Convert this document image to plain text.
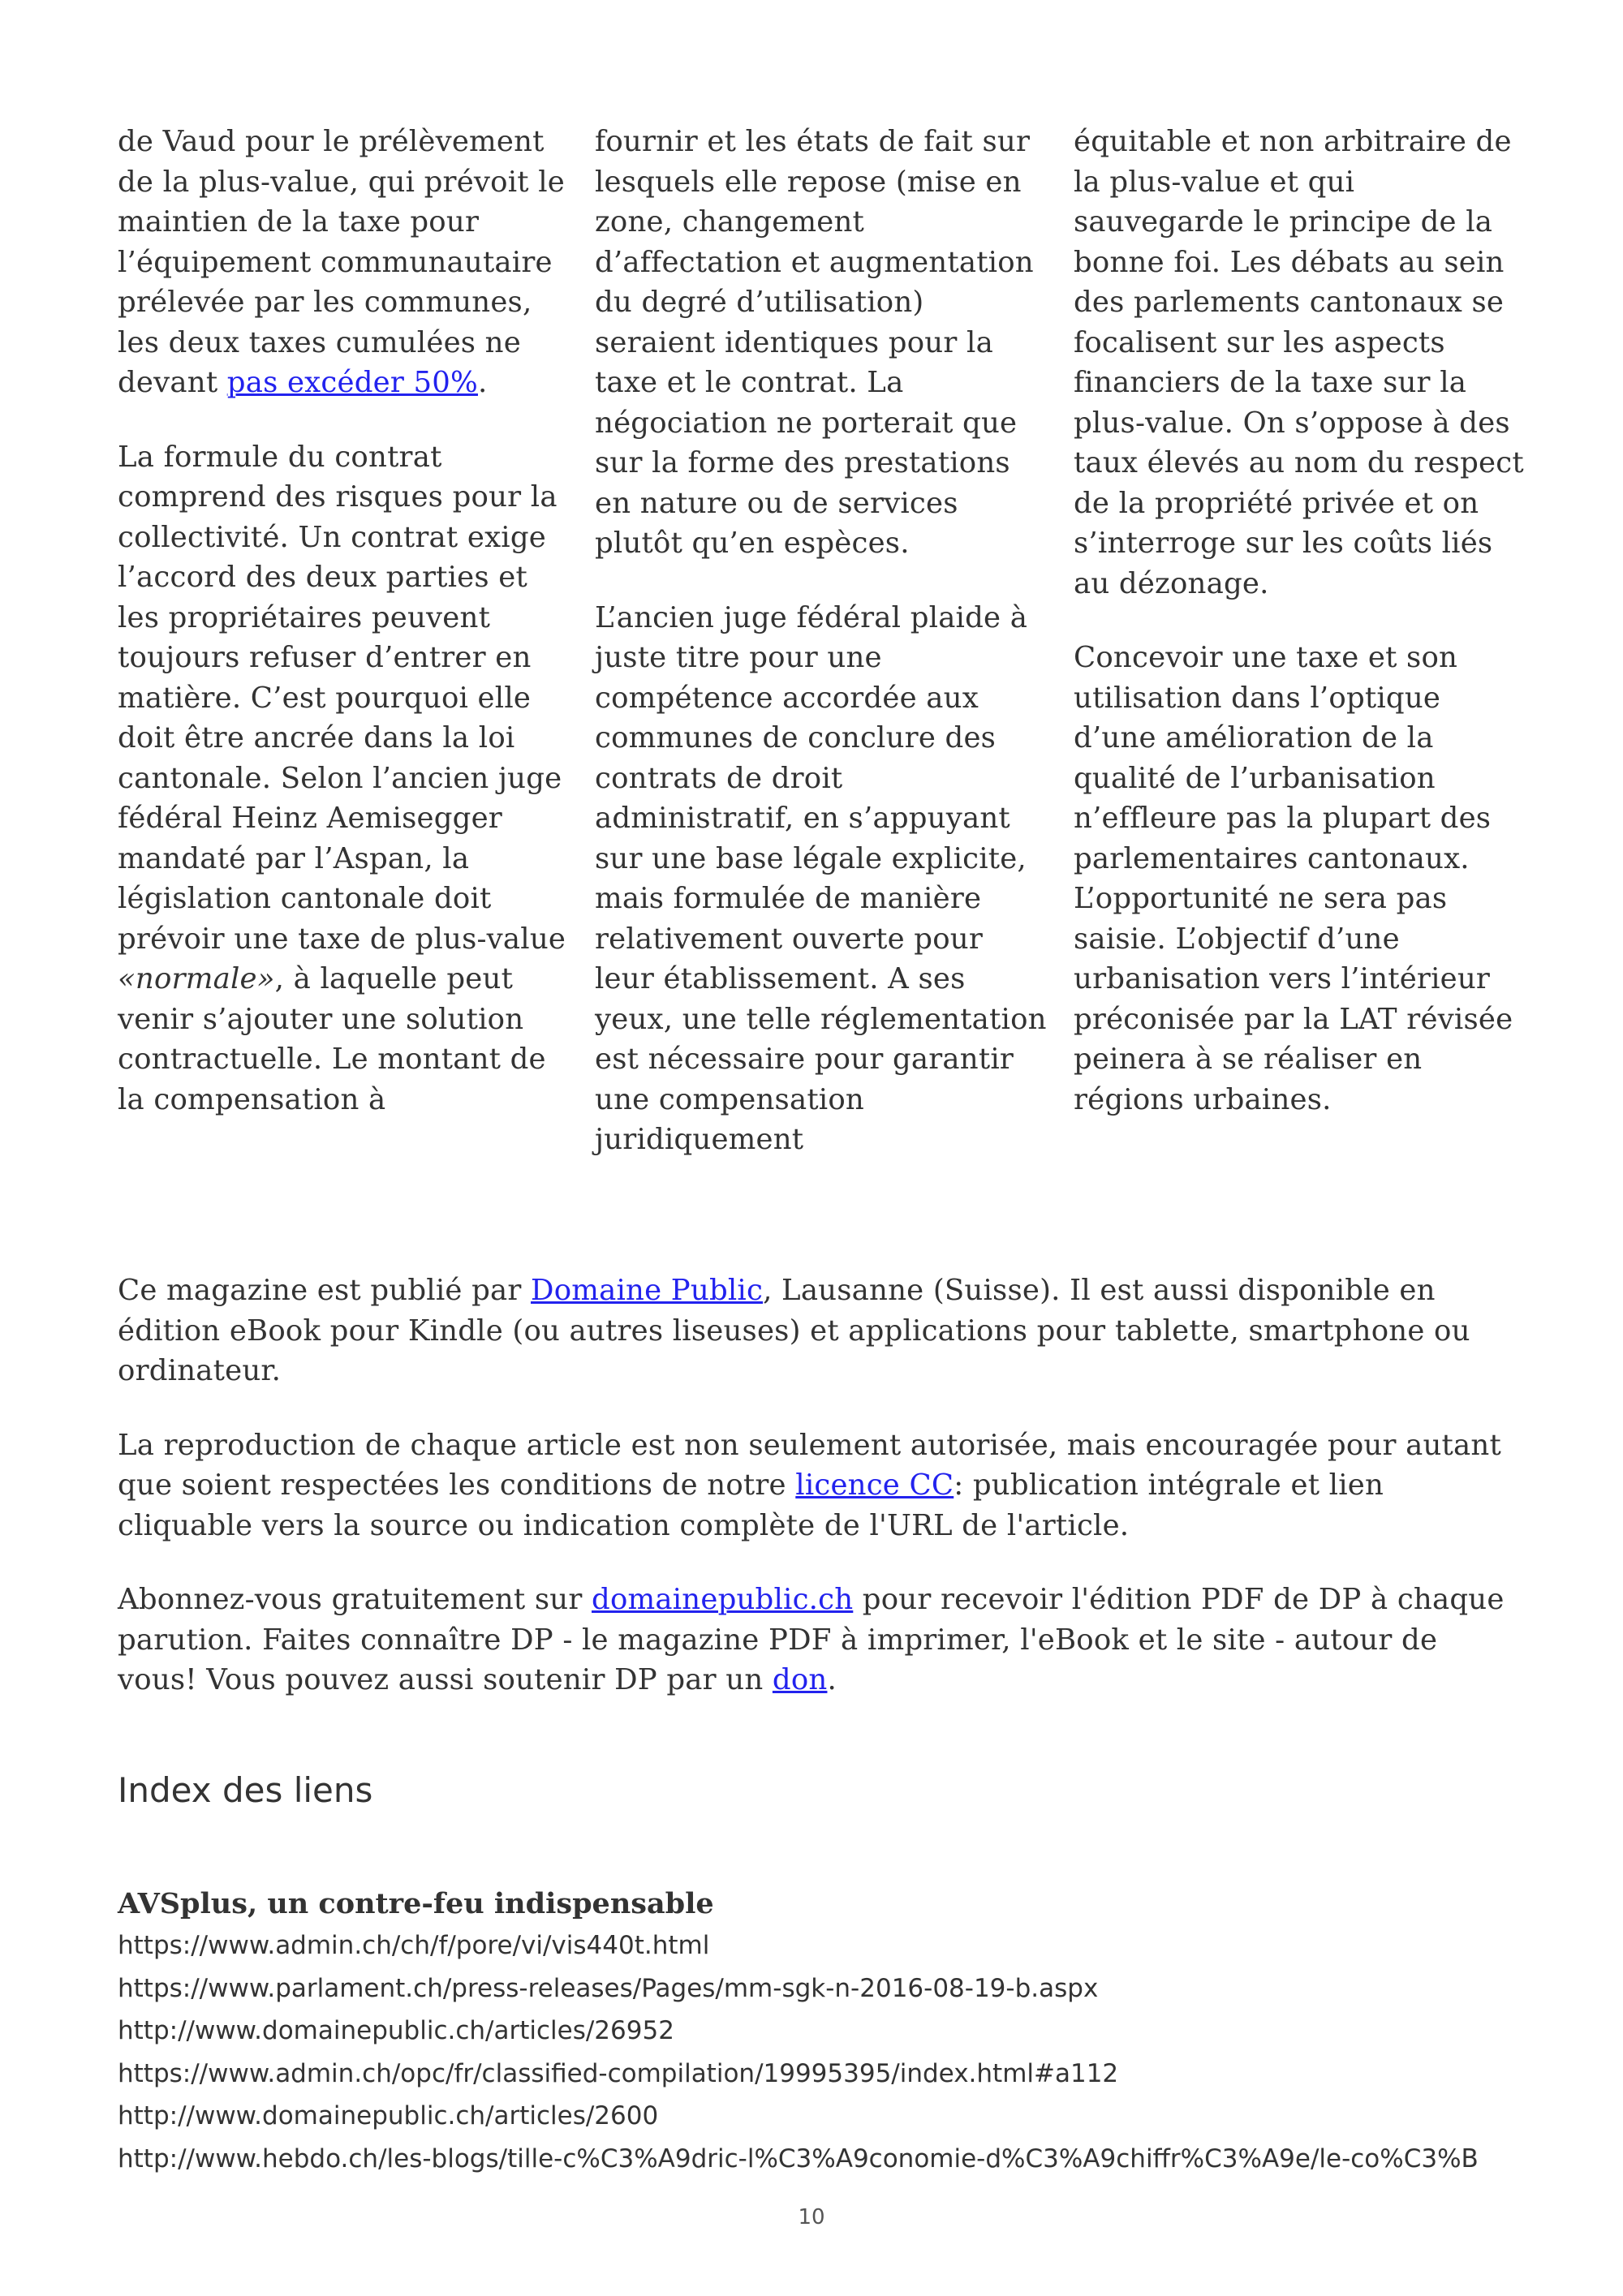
de Vaud pour le prélèvement de la plus-value, qui prévoit le maintien de la taxe pour l’équipement communautaire prélevée par les communes, les deux taxes cumulées ne devant pas excéder 50%.

La formule du contrat comprend des risques pour la collectivité. Un contrat exige l’accord des deux parties et les propriétaires peuvent toujours refuser d’entrer en matière. C’est pourquoi elle doit être ancrée dans la loi cantonale. Selon l’ancien juge fédéral Heinz Aemisegger mandaté par l’Aspan, la législation cantonale doit prévoir une taxe de plus-value «normale», à laquelle peut venir s’ajouter une solution contractuelle. Le montant de la compensation à

fournir et les états de fait sur lesquels elle repose (mise en zone, changement d’affectation et augmentation du degré d’utilisation) seraient identiques pour la taxe et le contrat. La négociation ne porterait que sur la forme des prestations en nature ou de services plutôt qu’en espèces.

L’ancien juge fédéral plaide à juste titre pour une compétence accordée aux communes de conclure des contrats de droit administratif, en s’appuyant sur une base légale explicite, mais formulée de manière relativement ouverte pour leur établissement. A ses yeux, une telle réglementation est nécessaire pour garantir une compensation juridiquement

équitable et non arbitraire de la plus-value et qui sauvegarde le principe de la bonne foi. Les débats au sein des parlements cantonaux se focalisent sur les aspects financiers de la taxe sur la plus-value. On s’oppose à des taux élevés au nom du respect de la propriété privée et on s’interroge sur les coûts liés au dézonage.

Concevoir une taxe et son utilisation dans l’optique d’une amélioration de la qualité de l’urbanisation n’effleure pas la plupart des parlementaires cantonaux. L’opportunité ne sera pas saisie. L’objectif d’une urbanisation vers l’intérieur préconisée par la LAT révisée peinera à se réaliser en régions urbaines.

Ce magazine est publié par Domaine Public, Lausanne (Suisse). Il est aussi disponible en édition eBook pour Kindle (ou autres liseuses) et applications pour tablette, smartphone ou ordinateur.

La reproduction de chaque article est non seulement autorisée, mais encouragée pour autant que soient respectées les conditions de notre licence CC: publication intégrale et lien cliquable vers la source ou indication complète de l'URL de l'article.

Abonnez-vous gratuitement sur domainepublic.ch pour recevoir l'édition PDF de DP à chaque parution. Faites connaître DP - le magazine PDF à imprimer, l'eBook et le site - autour de vous! Vous pouvez aussi soutenir DP par un don.

Index des liens
AVSplus, un contre-feu indispensable
https://www.admin.ch/ch/f/pore/vi/vis440t.html
https://www.parlament.ch/press-releases/Pages/mm-sgk-n-2016-08-19-b.aspx
http://www.domainepublic.ch/articles/26952
https://www.admin.ch/opc/fr/classified-compilation/19995395/index.html#a112
http://www.domainepublic.ch/articles/2600
http://www.hebdo.ch/les-blogs/tille-c%C3%A9dric-l%C3%A9conomie-d%C3%A9chiffr%C3%A9e/le-co%C3%B
10
